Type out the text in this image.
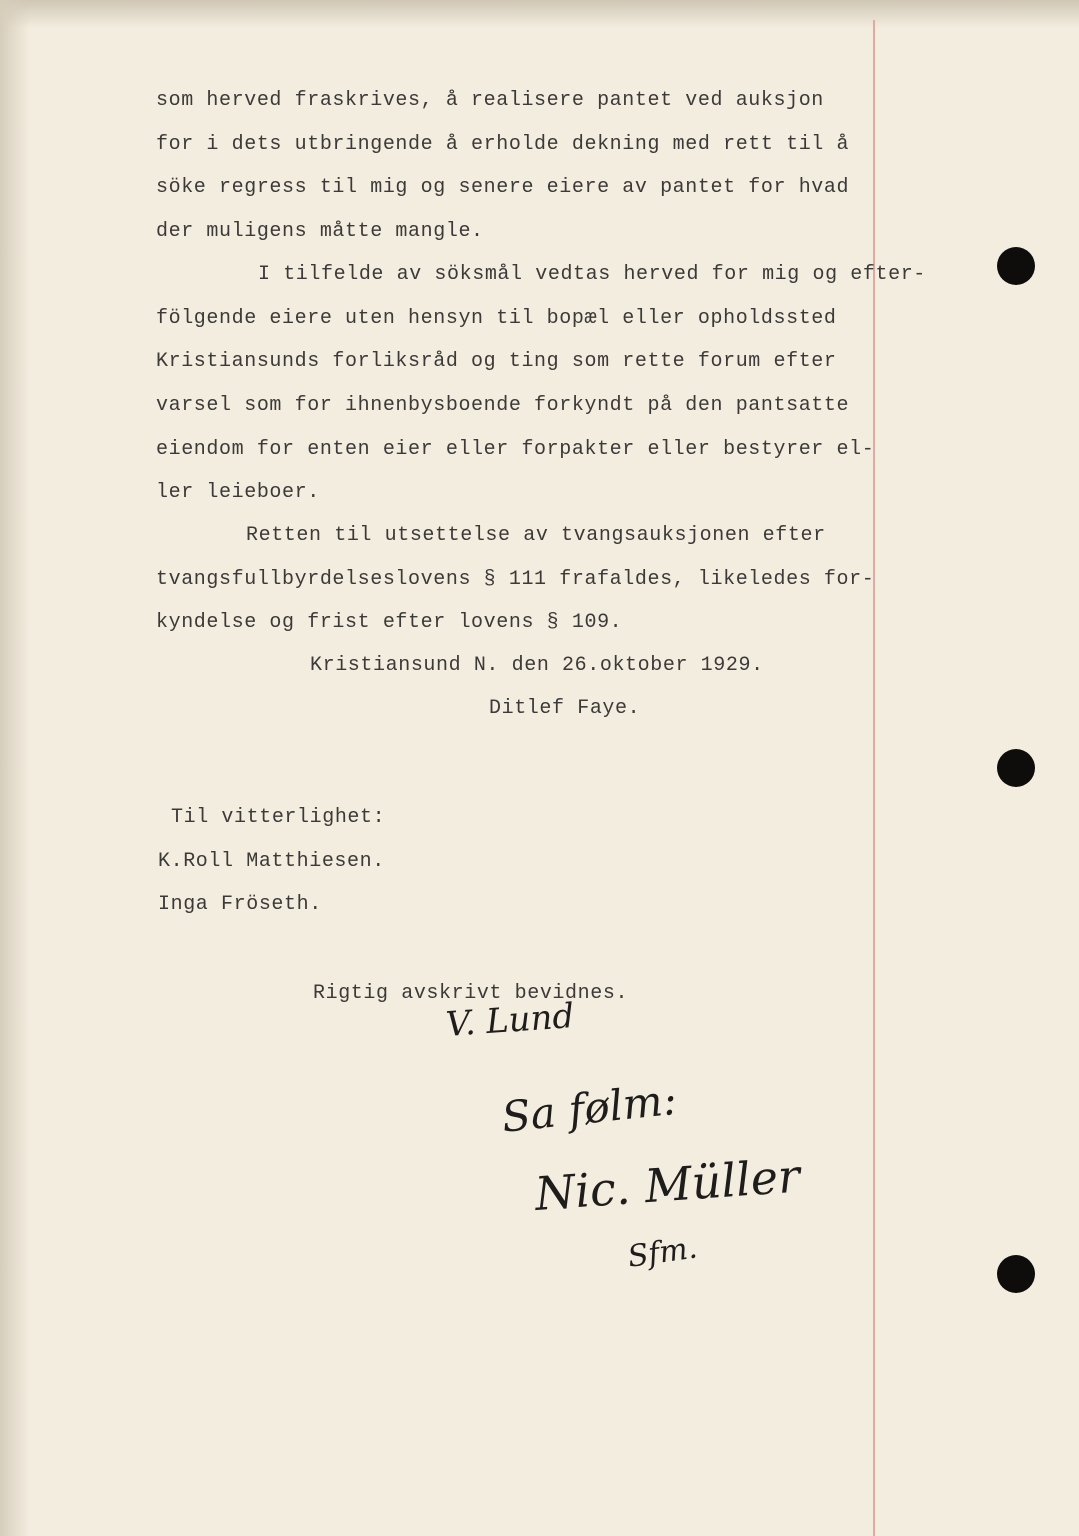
som herved fraskrives, å realisere pantet ved auksjon

for i dets utbringende å erholde dekning med rett til å

söke regress til mig og senere eiere av pantet for hvad

der muligens måtte mangle.

I tilfelde av söksmål vedtas herved for mig og efter-

fölgende eiere uten hensyn til bopæl eller opholdssted

Kristiansunds forliksråd og ting som rette forum efter

varsel som for ihnenbysboende forkyndt på den pantsatte

eiendom for enten eier eller forpakter eller bestyrer el-

ler leieboer.

Retten til utsettelse av tvangsauksjonen efter

tvangsfullbyrdelseslovens § 111 frafaldes, likeledes for-

kyndelse og frist efter lovens § 109.

Kristiansund N. den 26.oktober 1929.

Ditlef Faye.

Til vitterlighet:

K.Roll Matthiesen.

Inga Fröseth.

Rigtig avskrivt bevidnes.

V. Lund
Sa følm:
Nic. Müller
Sfm.
